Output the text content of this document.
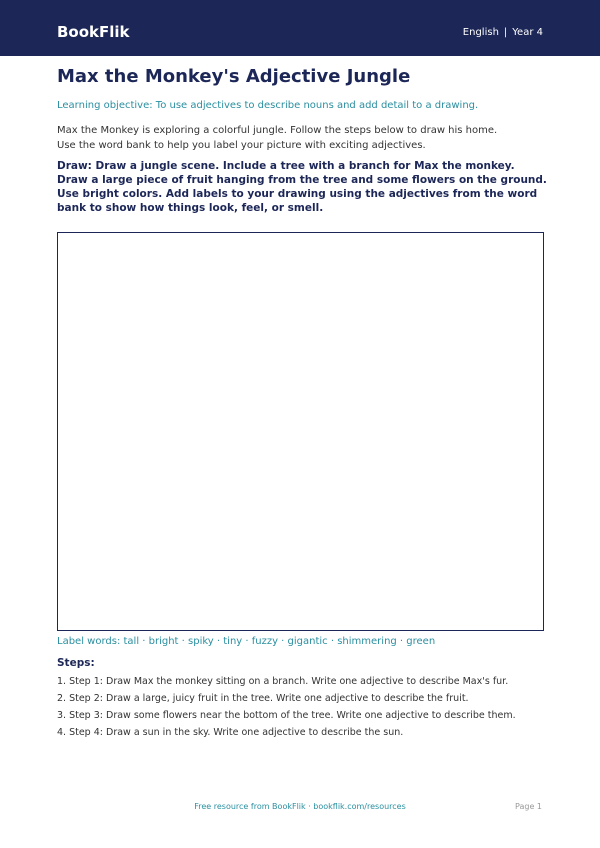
BookFlik	English | Year 4
Max the Monkey's Adjective Jungle
Learning objective: To use adjectives to describe nouns and add detail to a drawing.

Max the Monkey is exploring a colorful jungle. Follow the steps below to draw his home. Use the word bank to help you label your picture with exciting adjectives.

Draw: Draw a jungle scene. Include a tree with a branch for Max the monkey. Draw a large piece of fruit hanging from the tree and some flowers on the ground. Use bright colors. Add labels to your drawing using the adjectives from the word bank to show how things look, feel, or smell.

Label words: tall · bright · spiky · tiny · fuzzy · gigantic · shimmering · green
Steps:
1. Step 1: Draw Max the monkey sitting on a branch. Write one adjective to describe Max's fur.
2. Step 2: Draw a large, juicy fruit in the tree. Write one adjective to describe the fruit.
3. Step 3: Draw some flowers near the bottom of the tree. Write one adjective to describe them.
4. Step 4: Draw a sun in the sky. Write one adjective to describe the sun.
Free resource from BookFlik · bookflik.com/resources	Page 1
